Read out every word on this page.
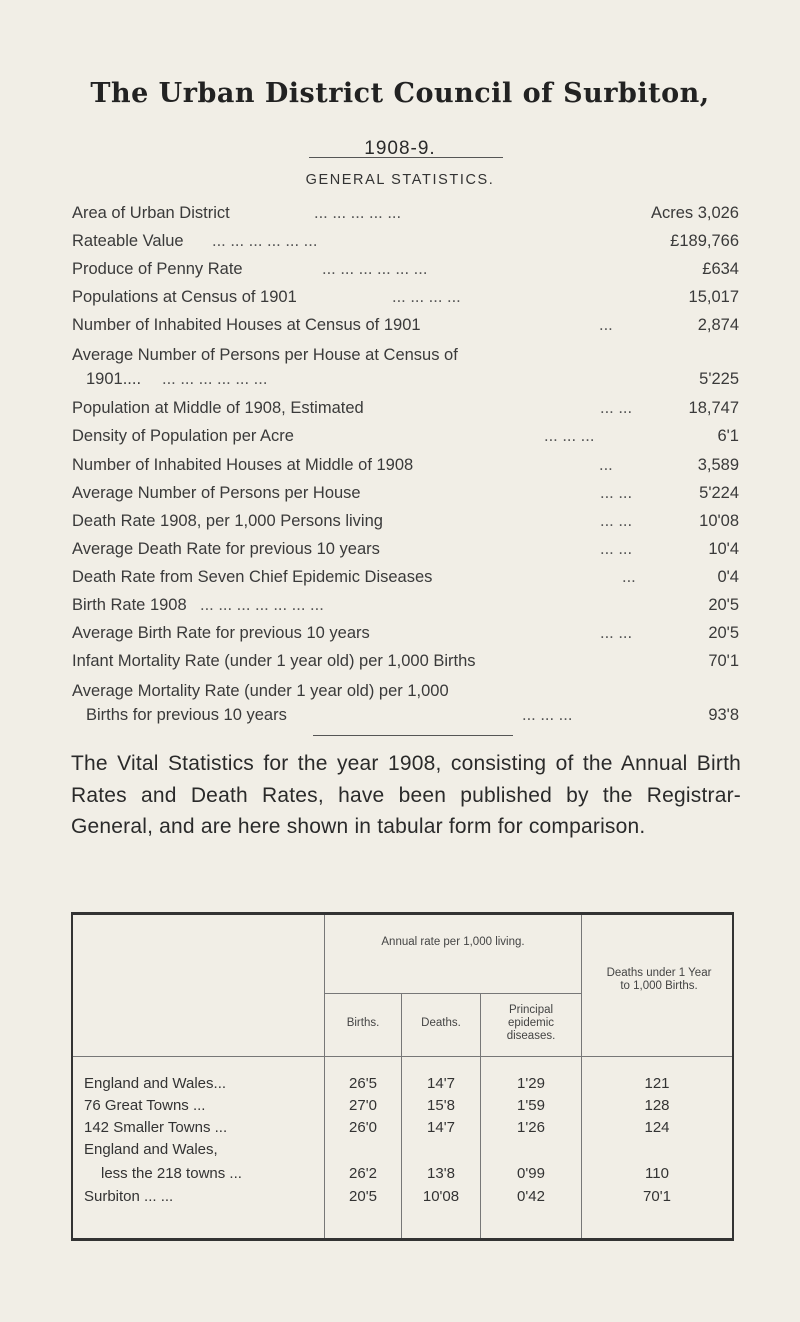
The Urban District Council of Surbiton,
1908-9.
GENERAL STATISTICS.
Area of Urban District	... ... ... ... ...	Acres 3,026
Rateable Value ... ... ... ... ... ...	£189,766
Produce of Penny Rate	... ... ... ... ... ...	£634
Populations at Census of 1901	... ... ... ...	15,017
Number of Inhabited Houses at Census of 1901	...	2,874
Average Number of Persons per House at Census of
1901.... ... ... ... ... ... ...	5'225
Population at Middle of 1908, Estimated	... ...	18,747
Density of Population per Acre	... ... ...	6'1
Number of Inhabited Houses at Middle of 1908	...	3,589
Average Number of Persons per House	... ...	5'224
Death Rate 1908, per 1,000 Persons living	... ...	10'08
Average Death Rate for previous 10 years	... ...	10'4
Death Rate from Seven Chief Epidemic Diseases	...	0'4
Birth Rate 1908 ... ... ... ... ... ... ...	20'5
Average Birth Rate for previous 10 years	... ...	20'5
Infant Mortality Rate (under 1 year old) per 1,000 Births	70'1
Average Mortality Rate (under 1 year old) per 1,000
Births for previous 10 years	... ... ...	93'8
The Vital Statistics for the year 1908, consisting of the Annual Birth Rates and Death Rates, have been published by the Registrar-General, and are here shown in tabular form for comparison.
Annual rate per 1,000 living.
Births.	Deaths.
Principal epidemic diseases.
Deaths under 1 Year to 1,000 Births.
England and Wales...	26'5	14'7	1'29	121
76 Great Towns ...	27'0	15'8	1'59	128
142 Smaller Towns ...	26'0	14'7	1'26	124
England and Wales,
less the 218 towns ...	26'2	13'8	0'99	110
Surbiton ... ...	20'5	10'08	0'42	70'1
